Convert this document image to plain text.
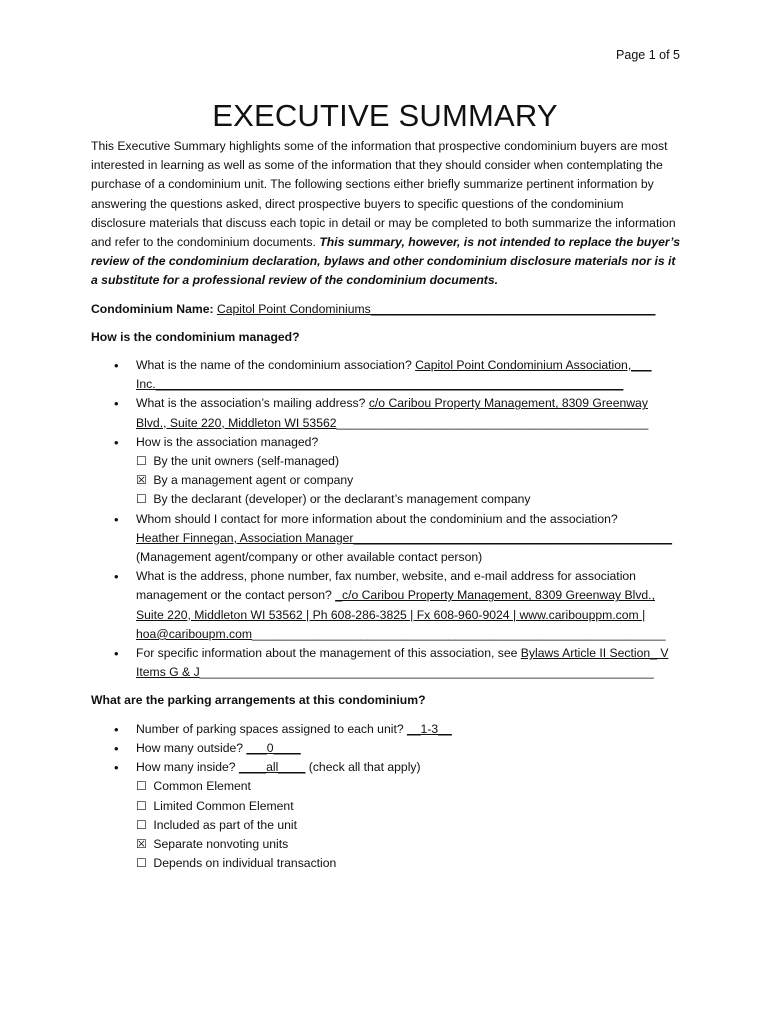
Page 1 of 5
EXECUTIVE SUMMARY

This Executive Summary highlights some of the information that prospective condominium buyers are most interested in learning as well as some of the information that they should consider when contemplating the purchase of a condominium unit. The following sections either briefly summarize pertinent information by answering the questions asked, direct prospective buyers to specific questions of the condominium disclosure materials that discuss each topic in detail or may be completed to both summarize the information and refer to the condominium documents. This summary, however, is not intended to replace the buyer’s review of the condominium declaration, bylaws and other condominium disclosure materials nor is it a substitute for a professional review of the condominium documents.

Condominium Name: Capitol Point Condominiums__________________________________________
How is the condominium managed?
• What is the name of the condominium association? Capitol Point Condominium Association,___ Inc._____________________________________________________________________
• What is the association’s mailing address? c/o Caribou Property Management, 8309 Greenway Blvd., Suite 220, Middleton WI 53562______________________________________________
• How is the association managed?
☐ By the unit owners (self-managed)
☒ By a management agent or company
☐ By the declarant (developer) or the declarant’s management company
• Whom should I contact for more information about the condominium and the association?
Heather Finnegan, Association Manager_______________________________________________
(Management agent/company or other available contact person)
• What is the address, phone number, fax number, website, and e-mail address for association management or the contact person? _c/o Caribou Property Management, 8309 Greenway Blvd., Suite 220, Middleton WI 53562 | Ph 608-286-3825 | Fx 608-960-9024 | www.caribouppm.com | hoa@cariboupm.com_____________________________________________________________
• For specific information about the management of this association, see Bylaws Article II Section_ V Items G & J___________________________________________________________________
What are the parking arrangements at this condominium?
• Number of parking spaces assigned to each unit? __1-3__
• How many outside? ___0____
• How many inside? ____all____ (check all that apply)
☐ Common Element
☐ Limited Common Element
☐ Included as part of the unit
☒ Separate nonvoting units
☐ Depends on individual transaction
